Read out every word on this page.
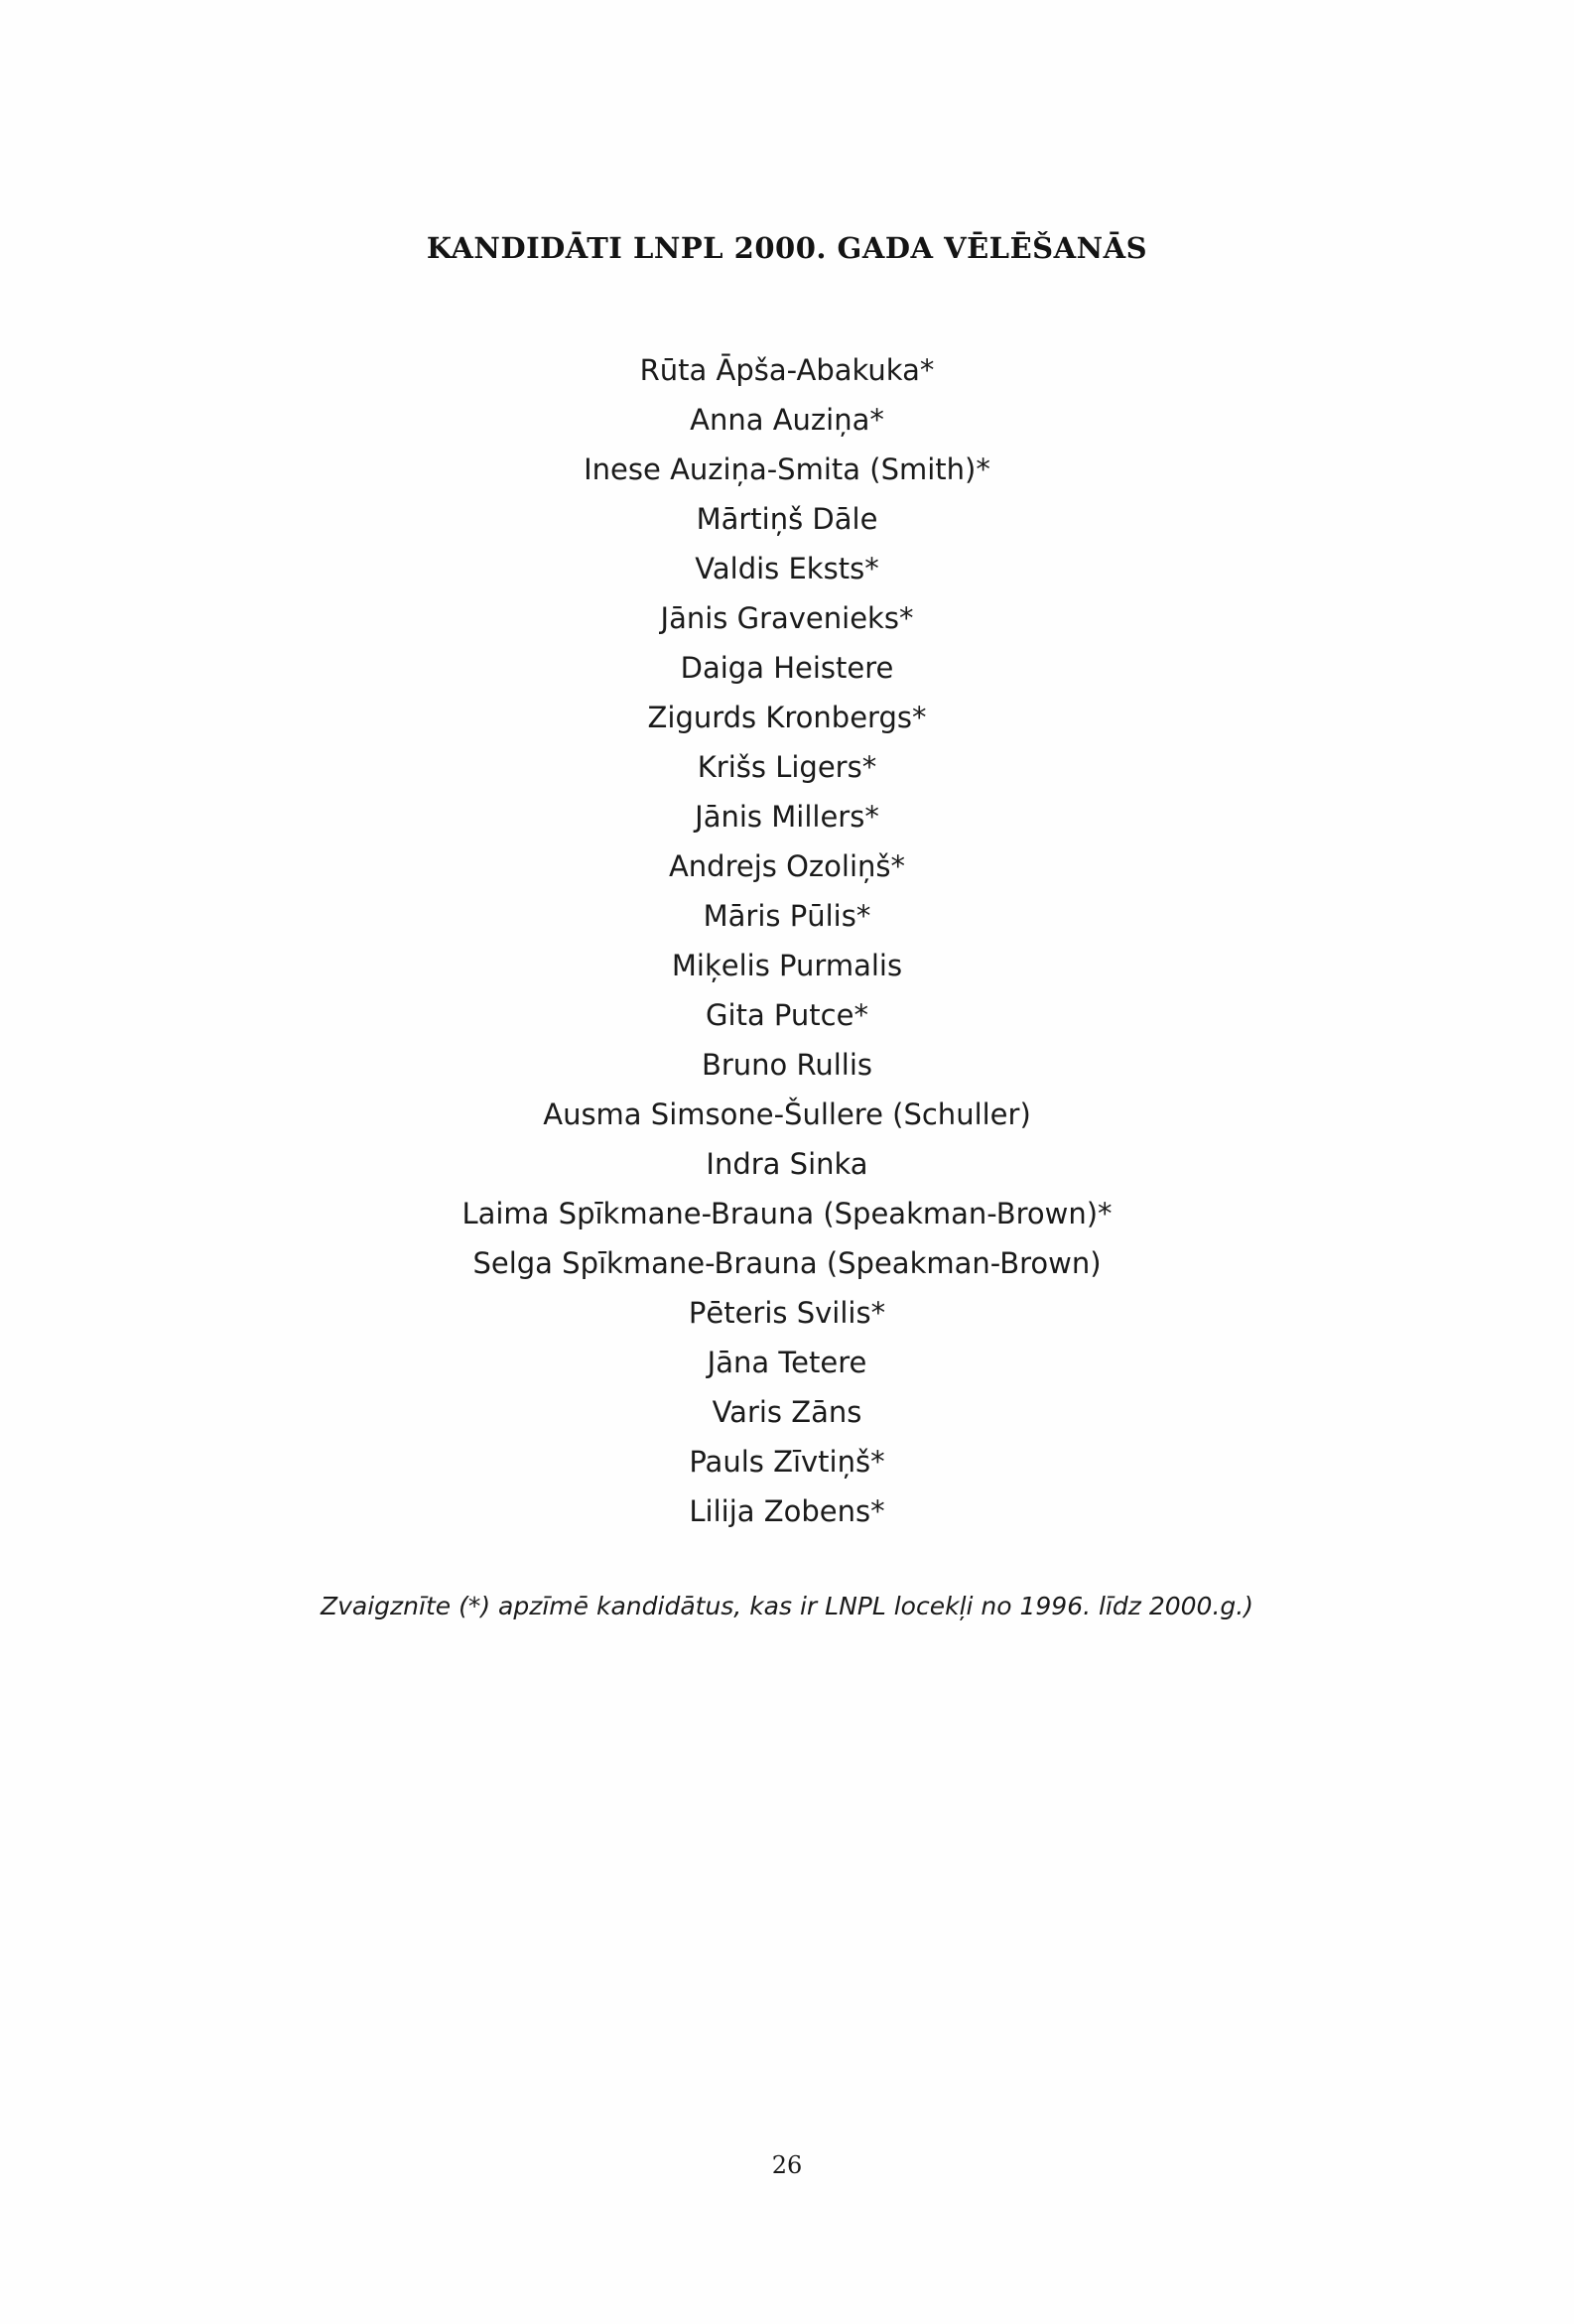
KANDIDĀTI LNPL 2000. GADA VĒLĒŠANĀS
Rūta Āpša-Abakuka*
Anna Auziņa*
Inese Auziņa-Smita (Smith)*
Mārtiņš Dāle
Valdis Eksts*
Jānis Gravenieks*
Daiga Heistere
Zigurds Kronbergs*
Krišs Ligers*
Jānis Millers*
Andrejs Ozoliņš*
Māris Pūlis*
Miķelis Purmalis
Gita Putce*
Bruno Rullis
Ausma Simsone-Šullere (Schuller)
Indra Sinka
Laima Spīkmane-Brauna (Speakman-Brown)*
Selga Spīkmane-Brauna (Speakman-Brown)
Pēteris Svilis*
Jāna Tetere
Varis Zāns
Pauls Zīvtiņš*
Lilija Zobens*
Zvaigznīte (*) apzīmē kandidātus, kas ir LNPL locekļi no 1996. līdz 2000.g.)
26
